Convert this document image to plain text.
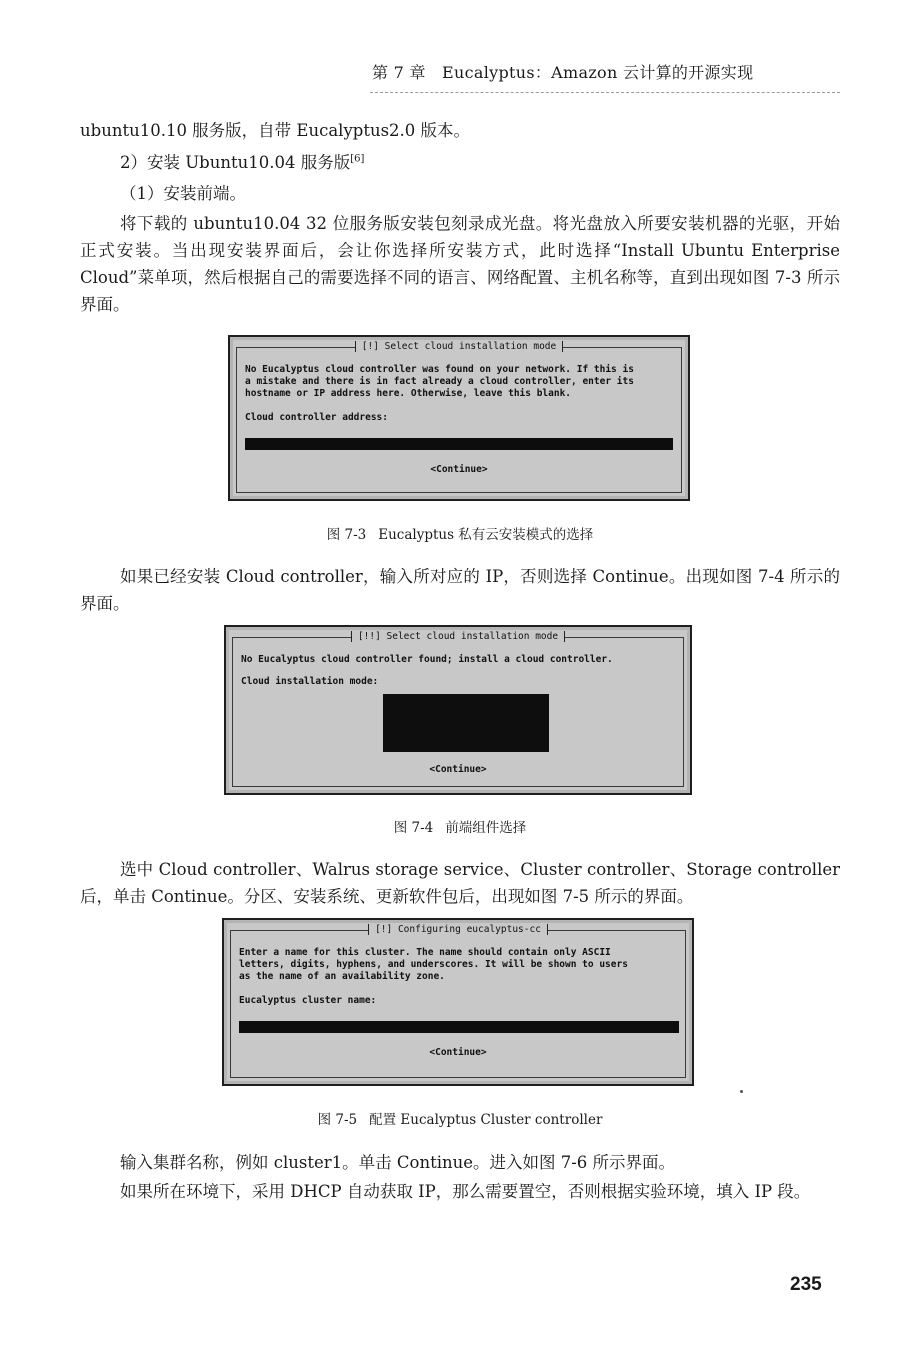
第 7 章 Eucalyptus：Amazon 云计算的开源实现
ubuntu10.10 服务版，自带 Eucalyptus2.0 版本。
2）安装 Ubuntu10.04 服务版[6]
（1）安装前端。
将下载的 ubuntu10.04 32 位服务版安装包刻录成光盘。将光盘放入所要安装机器的光驱，开始正式安装。当出现安装界面后，会让你选择所安装方式，此时选择“Install Ubuntu Enterprise Cloud”菜单项，然后根据自己的需要选择不同的语言、网络配置、主机名称等，直到出现如图 7-3 所示界面。
[!] Select cloud installation mode
No Eucalyptus cloud controller was found on your network. If this is
a mistake and there is in fact already a cloud controller, enter its
hostname or IP address here. Otherwise, leave this blank.
Cloud controller address:
<Continue>
图 7-3 Eucalyptus 私有云安装模式的选择
如果已经安装 Cloud controller，输入所对应的 IP，否则选择 Continue。出现如图 7-4 所示的界面。
[!!] Select cloud installation mode
No Eucalyptus cloud controller found; install a cloud controller.
Cloud installation mode:
<Continue>
图 7-4 前端组件选择
选中 Cloud controller、Walrus storage service、Cluster controller、Storage controller 后，单击 Continue。分区、安装系统、更新软件包后，出现如图 7-5 所示的界面。
[!] Configuring eucalyptus-cc
Enter a name for this cluster. The name should contain only ASCII
letters, digits, hyphens, and underscores. It will be shown to users
as the name of an availability zone.
Eucalyptus cluster name:
<Continue>
图 7-5 配置 Eucalyptus Cluster controller
输入集群名称，例如 cluster1。单击 Continue。进入如图 7-6 所示界面。
如果所在环境下，采用 DHCP 自动获取 IP，那么需要置空，否则根据实验环境，填入 IP 段。
235
